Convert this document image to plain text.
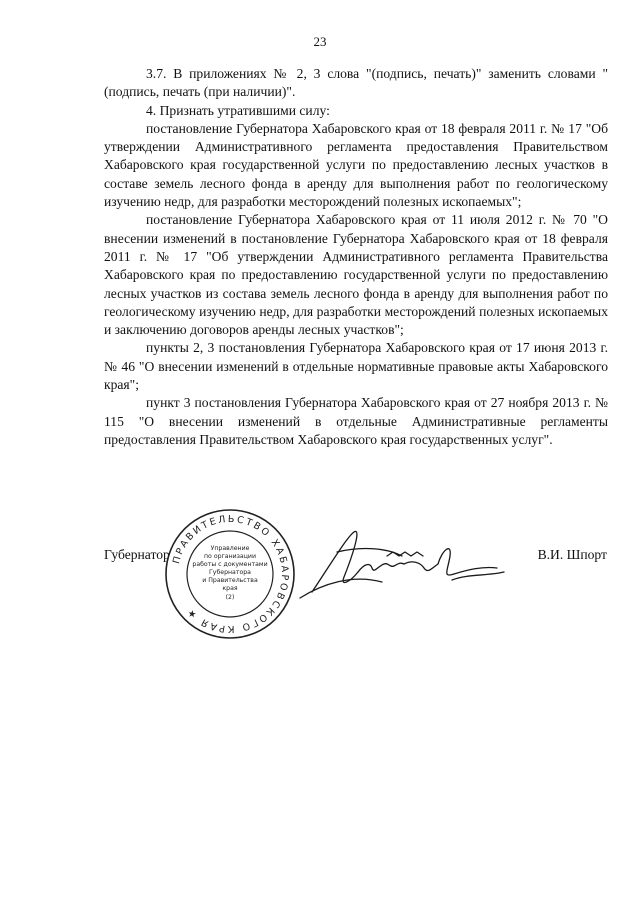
23

3.7. В приложениях № 2, 3 слова "(подпись, печать)" заменить словами "(подпись, печать (при наличии)".

4. Признать утратившими силу:

постановление Губернатора Хабаровского края от 18 февраля 2011 г. № 17 "Об утверждении Административного регламента предоставления Правительством Хабаровского края государственной услуги по предоставлению лесных участков в составе земель лесного фонда в аренду для выполнения работ по геологическому изучению недр, для разработки месторождений полезных ископаемых";

постановление Губернатора Хабаровского края от 11 июля 2012 г. № 70 "О внесении изменений в постановление Губернатора Хабаровского края от 18 февраля 2011 г. № 17 "Об утверждении Административного регламента Правительства Хабаровского края по предоставлению государственной услуги по предоставлению лесных участков из состава земель лесного фонда в аренду для выполнения работ по геологическому изучению недр, для разработки месторождений полезных ископаемых и заключению договоров аренды лесных участков";

пункты 2, 3 постановления Губернатора Хабаровского края от 17 июня 2013 г. № 46 "О внесении изменений в отдельные нормативные правовые акты Хабаровского края";

пункт 3 постановления Губернатора Хабаровского края от 27 ноября 2013 г. № 115 "О внесении изменений в отдельные Административные регламенты предоставления Правительством Хабаровского края государственных услуг".

Губернатор ПРАВИТЕЛЬСТВО ХАБАРОВСКОГО КРАЯ ★
Управление
по организации
работы с документами
Губернатора
и Правительства
края
(2)
В.И. Шпорт
